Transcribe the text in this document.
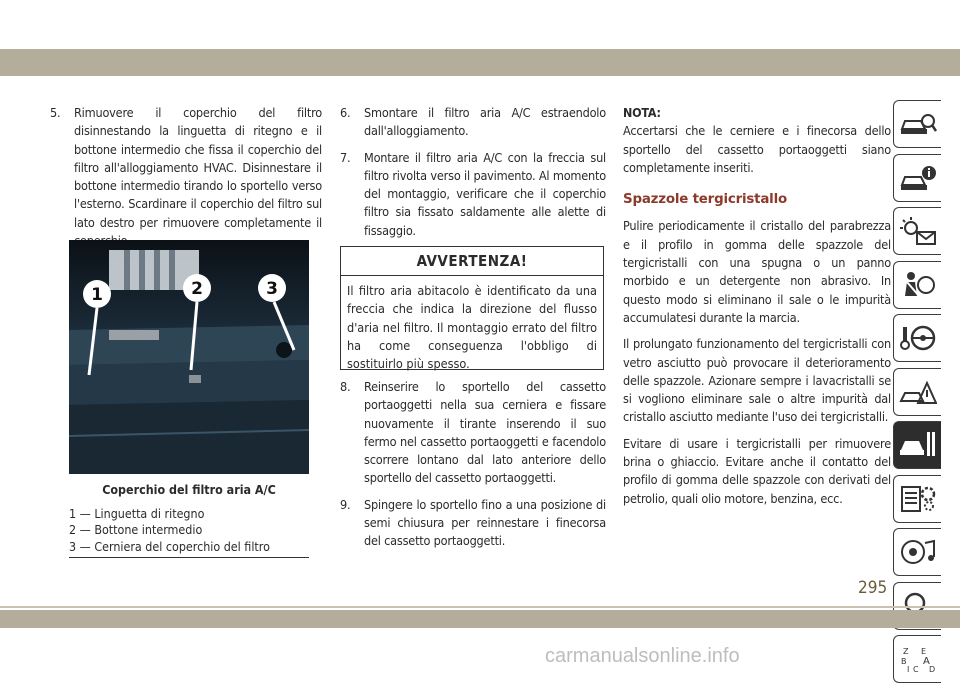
5. Rimuovere il coperchio del filtro disinnestando la linguetta di ritegno e il bottone intermedio che fissa il coperchio del filtro all'alloggiamento HVAC. Disinnestare il bottone intermedio tirando lo sportello verso l'esterno. Scardinare il coperchio del filtro sul lato destro per rimuovere completamente il
1	2	3
Coperchio del filtro aria A/C
1 — Linguetta di ritegno
2 — Bottone intermedio
3 — Cerniera del coperchio del filtro
6. Smontare il filtro aria A/C estraendolo dall'alloggiamento.
7. Montare il filtro aria A/C con la freccia sul filtro rivolta verso il pavimento. Al momento del montaggio, verificare che il coperchio filtro sia fissato saldamente alle alette di fissaggio.
AVVERTENZA!
Il filtro aria abitacolo è identificato da una freccia che indica la direzione del flusso d'aria nel filtro. Il montaggio errato del filtro ha come conseguenza l'obbligo di sostituirlo più spesso.
8. Reinserire lo sportello del cassetto portaoggetti nella sua cerniera e fissare nuovamente il tirante inserendo il suo fermo nel cassetto portaoggetti e facendolo scorrere lontano dal lato anteriore dello sportello del cassetto portaoggetti.
9. Spingere lo sportello fino a una posizione di semi chiusura per reinnestare i finecorsa del cassetto portaoggetti.
NOTA:

Accertarsi che le cerniere e i finecorsa dello sportello del cassetto portaoggetti siano completamente inseriti.

Spazzole tergicristallo

Pulire periodicamente il cristallo del parabrezza e il profilo in gomma delle spazzole del tergicristalli con una spugna o un panno morbido e un detergente non abrasivo. In questo modo si eliminano il sale o le impurità accumulatesi durante la marcia.

Il prolungato funzionamento del tergicristalli con vetro asciutto può provocare il deterioramento delle spazzole. Azionare sempre i lavacristalli se si vogliono eliminare sale o altre impurità dal cristallo asciutto mediante l'uso dei tergicristalli.

Evitare di usare i tergicristalli per rimuovere brina o ghiaccio. Evitare anche il contatto del profilo di gomma delle spazzole con derivati del petrolio, quali olio motore, benzina, ecc.

Z E
B A
I C D
295
carmanualsonline.info
